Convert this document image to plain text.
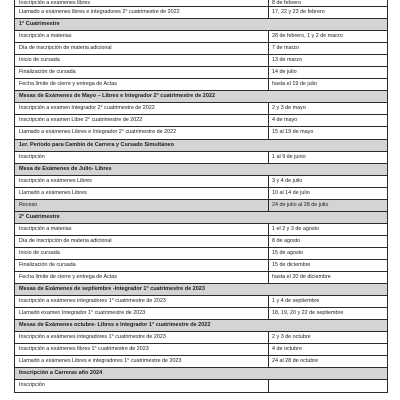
Inscripción a examenes libres	8 de febrero
Llamado a exámenes libres e integradores 2° cuatrimestre de 2022	17, 22 y 23 de febrero
1° Cuatrimestre
Inscripción a materias	28 de febrero, 1 y 2 de marzo
Día de inscripción de materia adicional	7 de marzo
Inicio de cursada	13 de marzo
Finalización de cursada	14 de julio
Fecha límite de cierre y entrega de Actas	hasta el 19 de julio
Mesas de Exámenes de Mayo – Libres e Integrador 2° cuatrimestre de 2022
Inscripción a examen Integrador 2° cuatrimestre de 2022	2 y 3 de mayo
Inscripción a examen Libre 2° cuatrimestre de 2022	4 de mayo
Llamado a exámenes Libres e Integrador 2° cuatrimestre de 2022	15 al 19 de mayo
1er. Período para Cambio de Carrera y Cursado Simultáneo
Inscripción	1 al 9 de junio
Mesa de Exámenes de Julio- Libres
Inscripción a exámenes Libres	3 y 4 de julio
Llamado a exámenes Libres	10 al 14 de julio
Receso	24 de julio al 28 de julio
2° Cuatrimestre
Inscripción a materias	1 el 2 y 3 de agosto
Día de inscripción de materia adicional	8 de agosto
Inicio de cursada	15 de agosto
Finalización de cursada	15 de diciembre
Fecha límite de cierre y entrega de Actas	hasta el 20 de diciembre
Mesas de Exámenes de septiembre -Integrador 1° cuatrimestre de 2023
Inscripción a exámenes integradores 1° cuatrimestre de 2023	1 y 4 de septiembre
Llamado examen Integrador 1° cuatrimestre de 2023	18, 19, 20 y 22 de septiembre
Mesas de Exámenes octubre- Libres e Integrador 1° cuatrimestre de 2022
Inscripción a exámenes integradores 1° cuatrimestre de 2023	2 y 3 de octubre
Inscripción a exámenes libres 1° cuatrimestre de 2023	4 de octubre
Llamado a exámenes Libres e integradores 1° cuatrimestre de 2023	24 al 28 de octubre
Inscripción a Carreras año 2024
Inscripción
